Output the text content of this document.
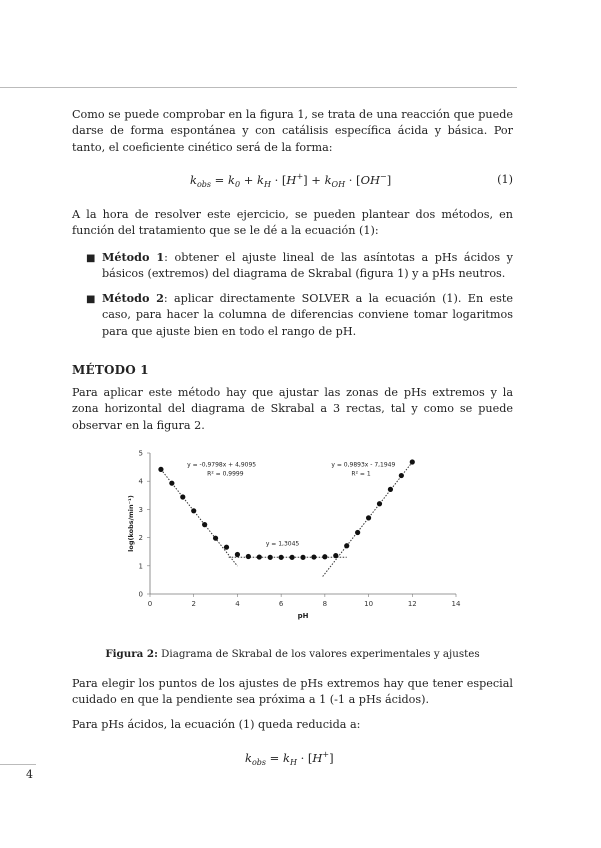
Como se puede comprobar en la figura 1, se trata de una reacción que puede darse de forma espontánea y con catálisis específica ácida y básica. Por tanto, el coeficiente cinético será de la forma:

$k_{obs} = k_0 + k_H \cdot [H^+] + k_{OH} \cdot [OH^-]$	(1)

A la hora de resolver este ejercicio, se pueden plantear dos métodos, en función del tratamiento que se le dé a la ecuación (1):

■ Método 1: obtener el ajuste lineal de las asíntotas a pHs ácidos y básicos (extremos) del diagrama de Skrabal (figura 1) y a pHs neutros.

■ Método 2: aplicar directamente SOLVER a la ecuación (1). En este caso, para hacer la columna de diferencias conviene tomar logaritmos para que ajuste bien en todo el rango de pH.

MÉTODO 1

Para aplicar este método hay que ajustar las zonas de pHs extremos y la zona horizontal del diagrama de Skrabal a 3 rectas, tal y como se puede observar en la figura 2.

0	2	4	6	8	10	12	14
0
1
2
3
4
5
pH
log(kobs/min⁻¹)
y = -0,9798x + 4,9095
R² = 0,9999
y = 0,9893x - 7,1949
R² = 1
y = 1,3045
Figura 2: Diagrama de Skrabal de los valores experimentales y ajustes

Para elegir los puntos de los ajustes de pHs extremos hay que tener especial cuidado en que la pendiente sea próxima a 1 (-1 a pHs ácidos).

Para pHs ácidos, la ecuación (1) queda reducida a:

$k_{obs} = k_H \cdot [H^+]$
4
